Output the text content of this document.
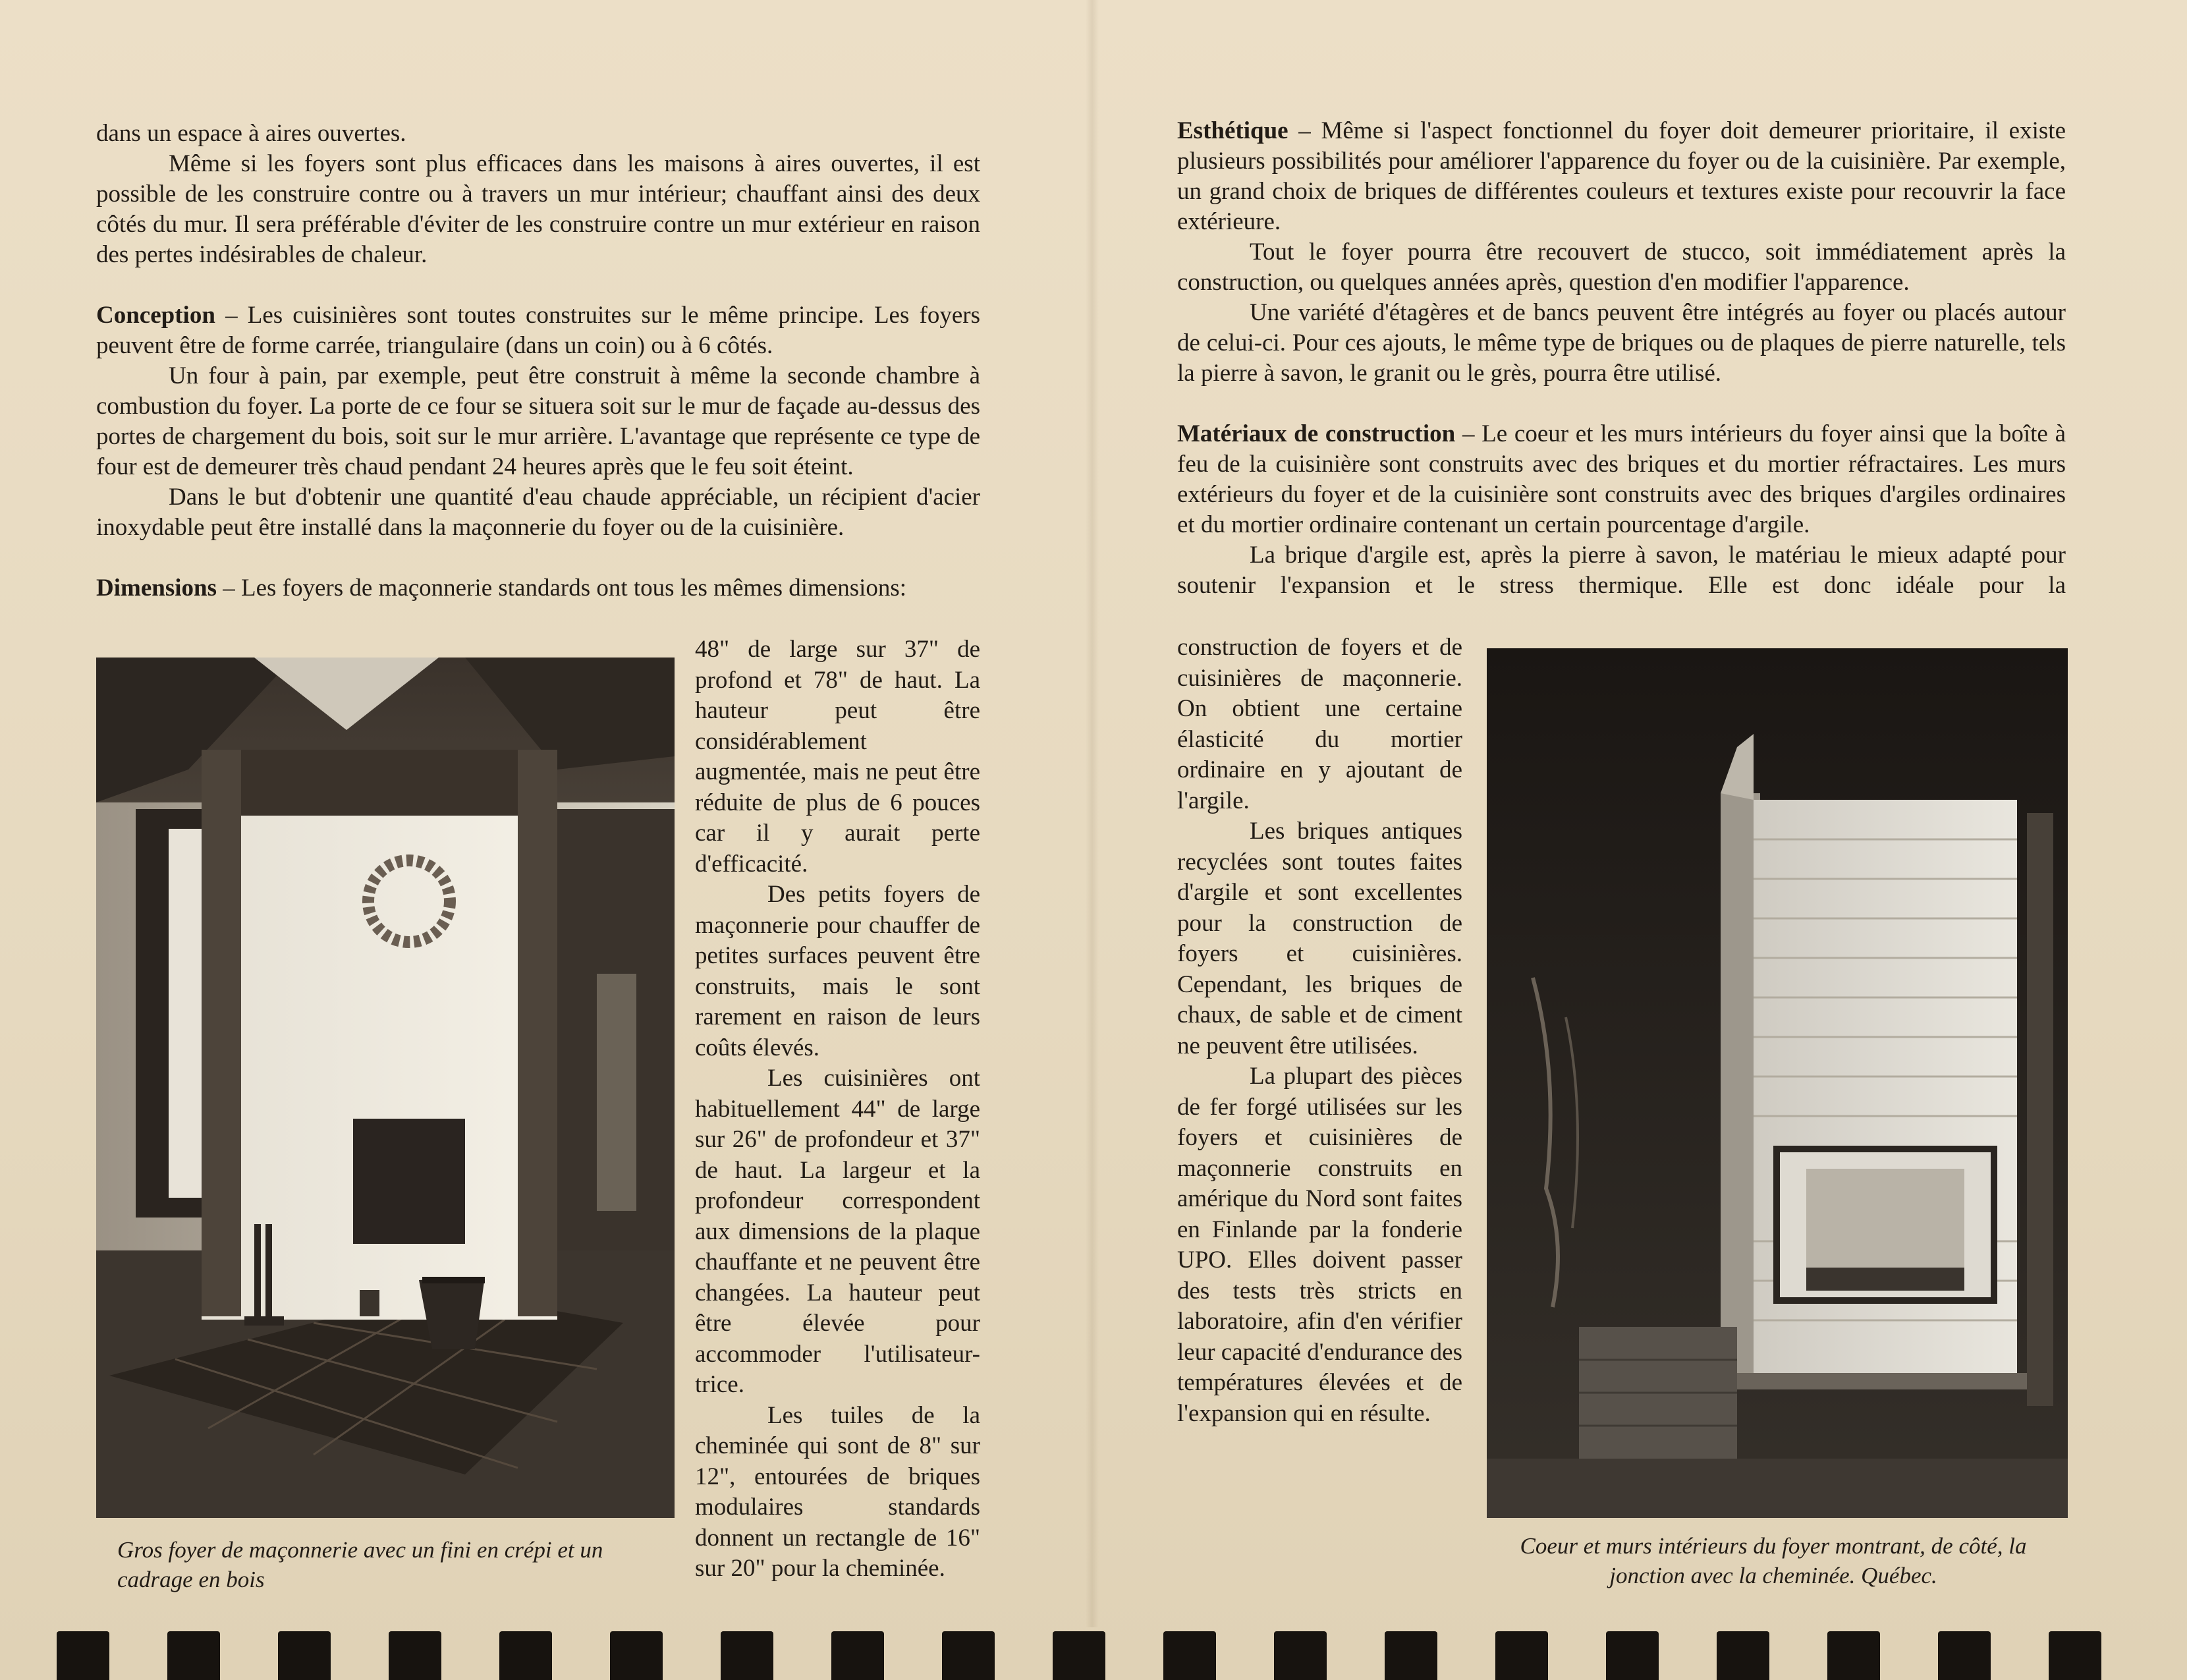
dans un espace à aires ouvertes.

Même si les foyers sont plus efficaces dans les maisons à aires ouvertes, il est possible de les construire contre ou à travers un mur intérieur; chauffant ainsi des deux côtés du mur. Il sera préférable d'éviter de les construire contre un mur extérieur en raison des pertes indésirables de chaleur.

Conception – Les cuisinières sont toutes construites sur le même principe. Les foyers peuvent être de forme carrée, triangulaire (dans un coin) ou à 6 côtés.

Un four à pain, par exemple, peut être construit à même la seconde chambre à combustion du foyer. La porte de ce four se situera soit sur le mur de façade au-dessus des portes de chargement du bois, soit sur le mur arrière. L'avantage que représente ce type de four est de demeurer très chaud pendant 24 heures après que le feu soit éteint.

Dans le but d'obtenir une quantité d'eau chaude appréciable, un récipient d'acier inoxydable peut être installé dans la maçonnerie du foyer ou de la cuisinière.

Dimensions – Les foyers de maçonnerie standards ont tous les mêmes dimensions:

48" de large sur 37" de profond et 78" de haut. La hauteur peut être considérablement augmentée, mais ne peut être réduite de plus de 6 pouces car il y aurait perte d'efficacité.

Des petits foyers de maçonnerie pour chauffer de petites surfaces peuvent être construits, mais le sont rarement en raison de leurs coûts élevés.

Les cuisinières ont habituellement 44" de large sur 26" de profondeur et 37" de haut. La largeur et la profondeur correspondent aux dimensions de la plaque chauffante et ne peuvent être changées. La hauteur peut être élevée pour accommoder l'utilisateur-trice.

Les tuiles de la cheminée qui sont de 8" sur 12", entourées de briques modulaires standards donnent un rectangle de 16" sur 20" pour la cheminée.

Gros foyer de maçonnerie avec un fini en crépi et un cadrage en bois

Esthétique – Même si l'aspect fonctionnel du foyer doit demeurer prioritaire, il existe plusieurs possibilités pour améliorer l'apparence du foyer ou de la cuisinière. Par exemple, un grand choix de briques de différentes couleurs et textures existe pour recouvrir la face extérieure.

Tout le foyer pourra être recouvert de stucco, soit immédiatement après la construction, ou quelques années après, question d'en modifier l'apparence.

Une variété d'étagères et de bancs peuvent être intégrés au foyer ou placés autour de celui-ci. Pour ces ajouts, le même type de briques ou de plaques de pierre naturelle, tels la pierre à savon, le granit ou le grès, pourra être utilisé.

Matériaux de construction – Le coeur et les murs intérieurs du foyer ainsi que la boîte à feu de la cuisinière sont construits avec des briques et du mortier réfractaires. Les murs extérieurs du foyer et de la cuisinière sont construits avec des briques d'argiles ordinaires et du mortier ordinaire contenant un certain pourcentage d'argile.

La brique d'argile est, après la pierre à savon, le matériau le mieux adapté pour soutenir l'expansion et le stress thermique. Elle est donc idéale pour la

construction de foyers et de cuisinières de maçonnerie. On obtient une certaine élasticité du mortier ordinaire en y ajoutant de l'argile.

Les briques antiques recyclées sont toutes faites d'argile et sont excellentes pour la construction de foyers et cuisinières. Cependant, les briques de chaux, de sable et de ciment ne peuvent être utilisées.

La plupart des pièces de fer forgé utilisées sur les foyers et cuisinières de maçonnerie construits en amérique du Nord sont faites en Finlande par la fonderie UPO. Elles doivent passer des tests très stricts en laboratoire, afin d'en vérifier leur capacité d'endurance des températures élevées et de l'expansion qui en résulte.

Coeur et murs intérieurs du foyer montrant, de côté, la jonction avec la cheminée. Québec.
